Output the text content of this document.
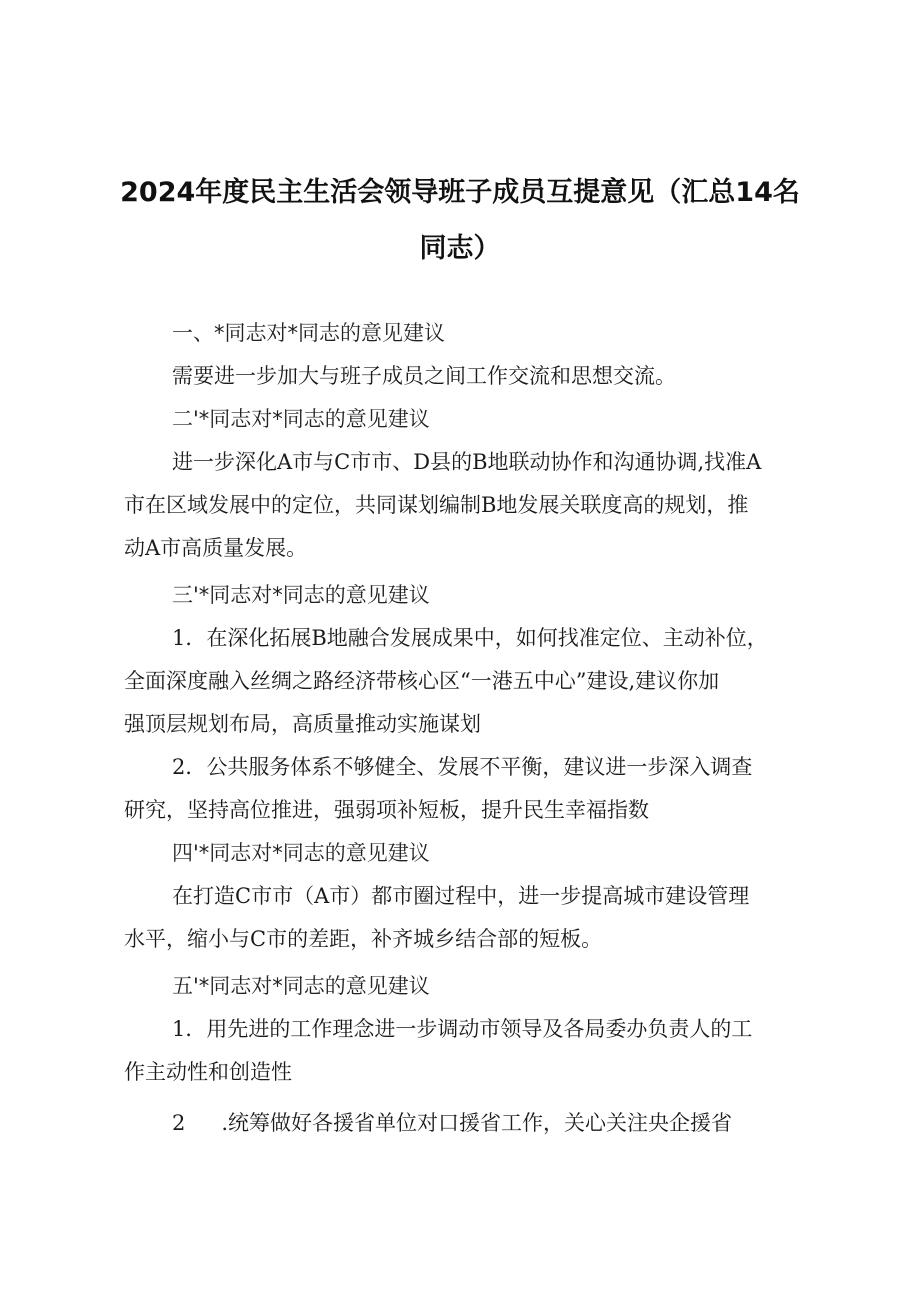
2024年度民主生活会领导班子成员互提意见（汇总14名
同志）
一、*同志对*同志的意见建议
需要进一步加大与班子成员之间工作交流和思想交流。
二'*同志对*同志的意见建议
进一步深化A市与C市市、D县的B地联动协作和沟通协调,找准A
市在区域发展中的定位，共同谋划编制B地发展关联度高的规划，推
动A市高质量发展。
三'*同志对*同志的意见建议
1．在深化拓展B地融合发展成果中，如何找准定位、主动补位，
全面深度融入丝绸之路经济带核心区“一港五中心”建设,建议你加
强顶层规划布局，高质量推动实施谋划
2．公共服务体系不够健全、发展不平衡，建议进一步深入调查
研究，坚持高位推进，强弱项补短板，提升民生幸福指数
四'*同志对*同志的意见建议
在打造C市市（A市）都市圈过程中，进一步提高城市建设管理
水平，缩小与C市的差距，补齐城乡结合部的短板。
五'*同志对*同志的意见建议
1．用先进的工作理念进一步调动市领导及各局委办负责人的工
作主动性和创造性
2 .统筹做好各援省单位对口援省工作，关心关注央企援省
